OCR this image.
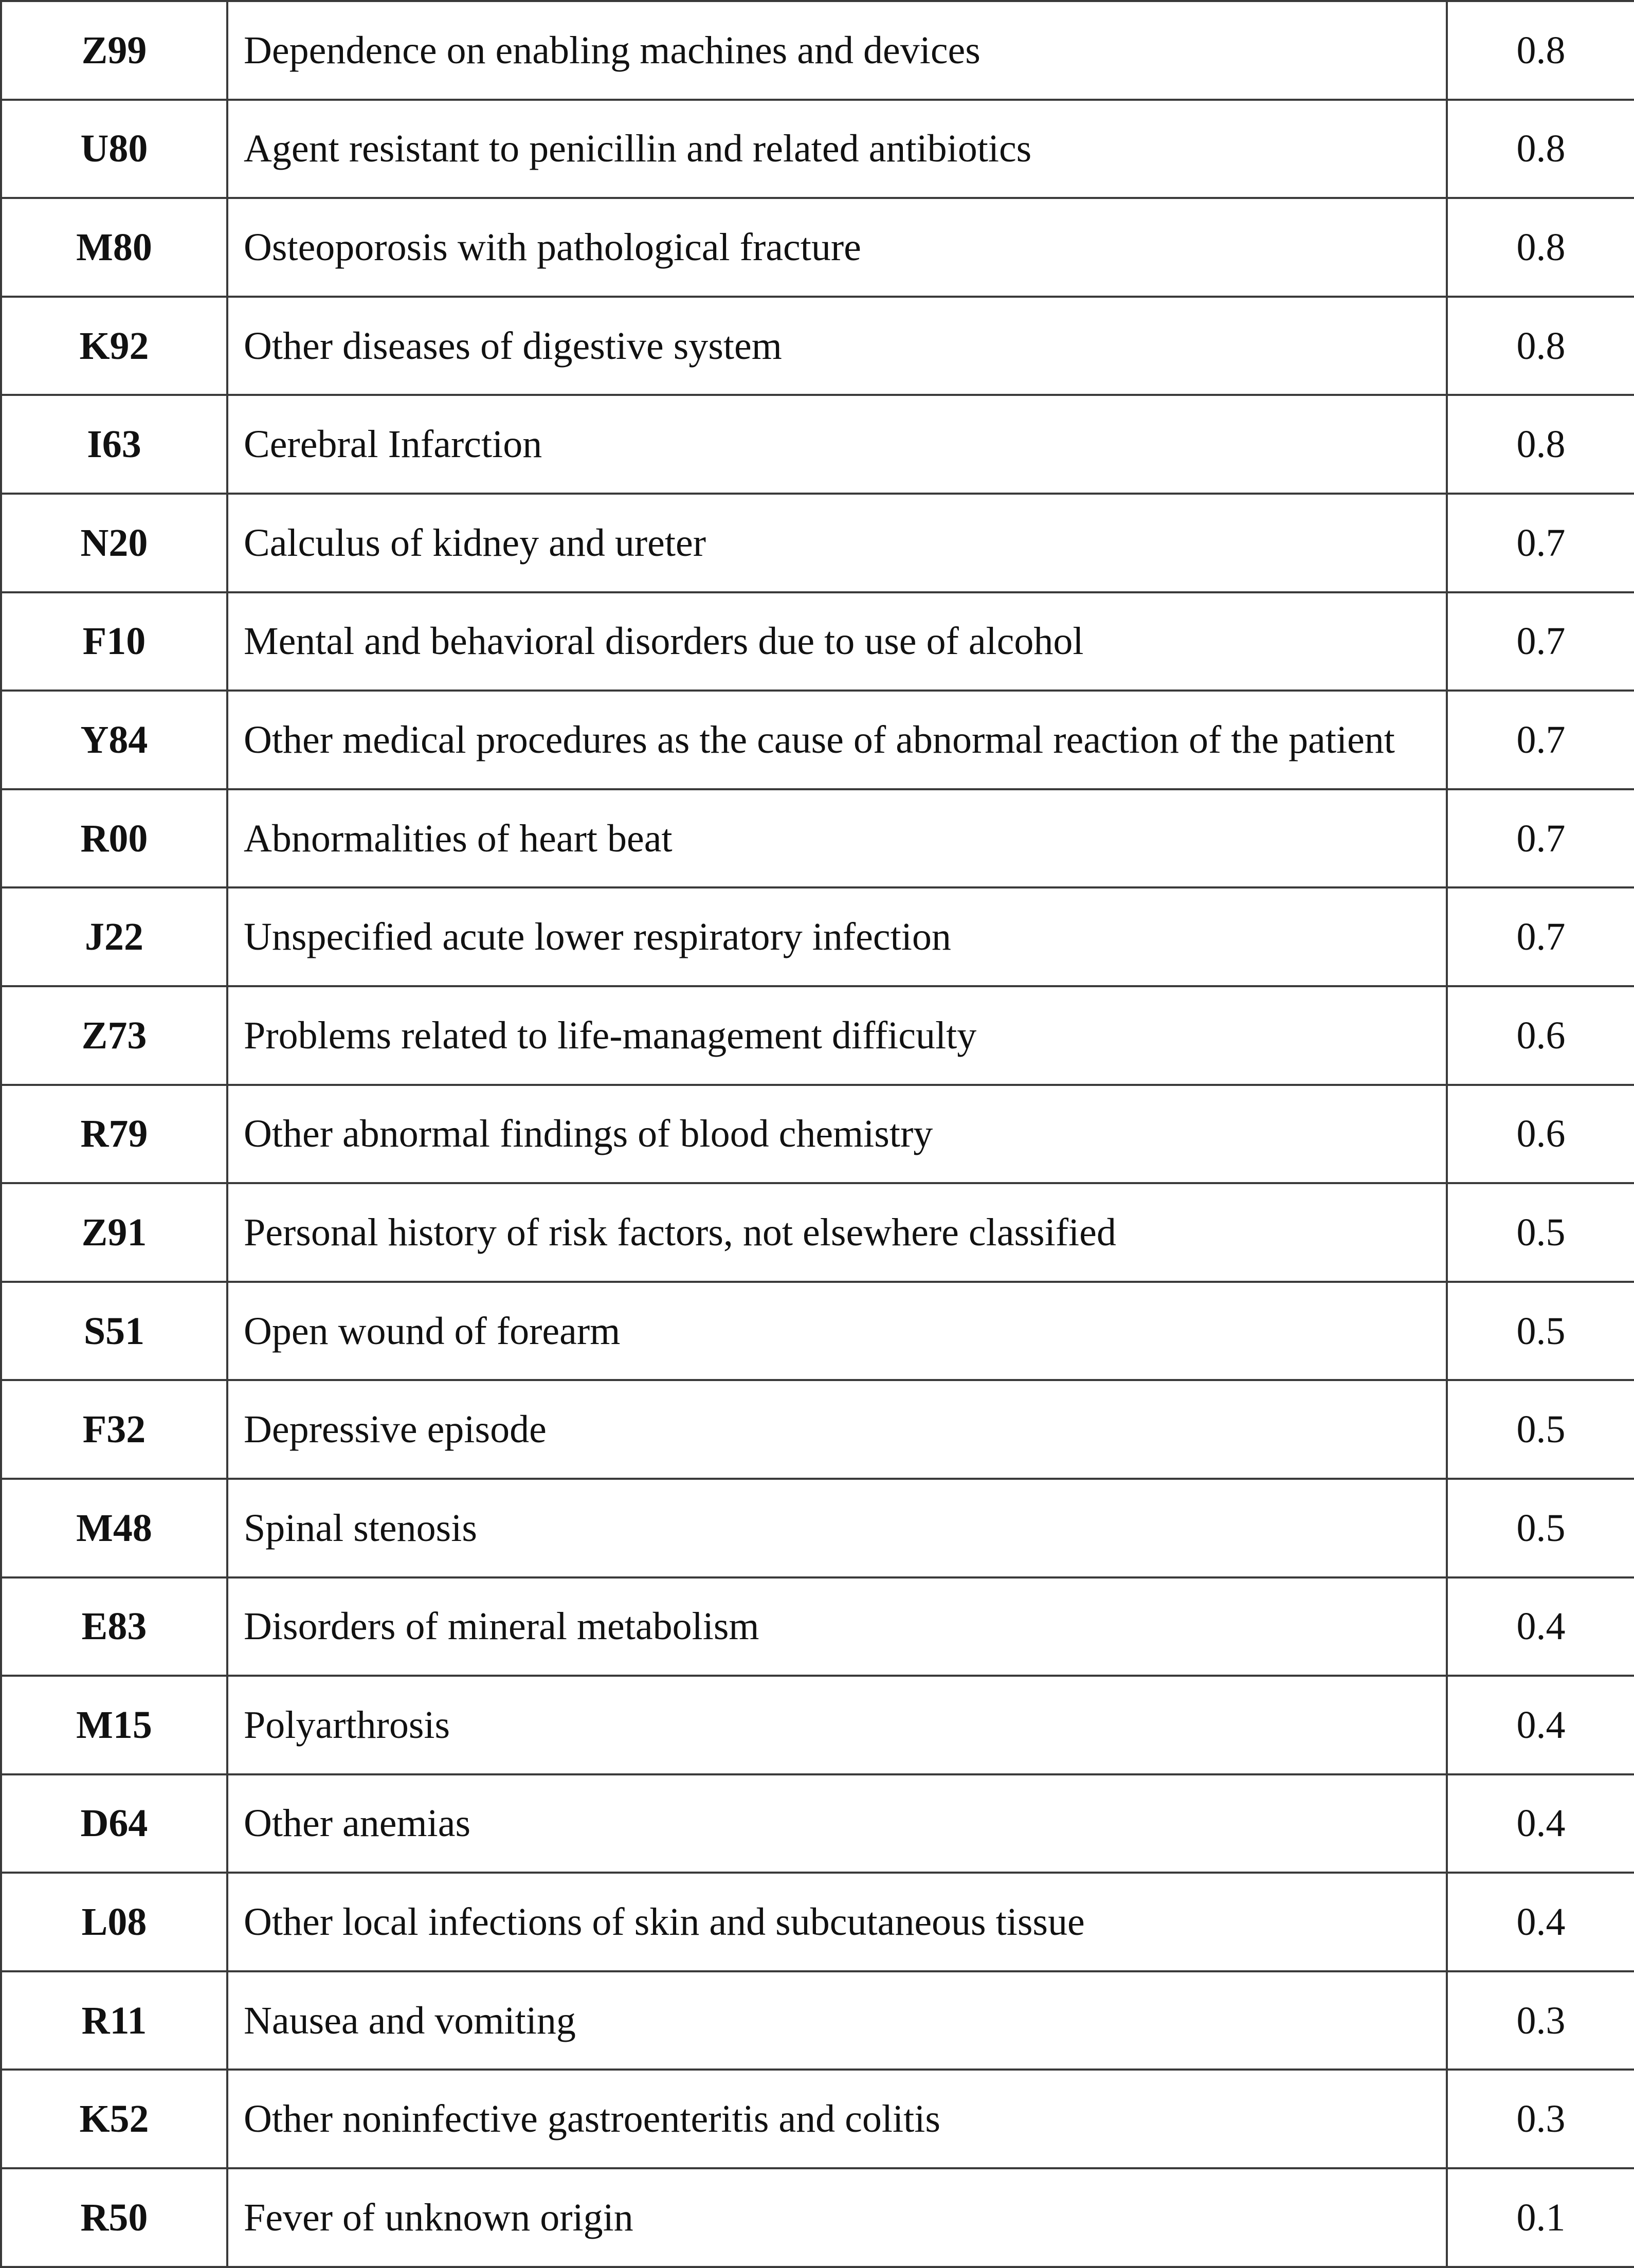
Z99	Dependence on enabling machines and devices	0.8
U80	Agent resistant to penicillin and related antibiotics	0.8
M80	Osteoporosis with pathological fracture	0.8
K92	Other diseases of digestive system	0.8
I63	Cerebral Infarction	0.8
N20	Calculus of kidney and ureter	0.7
F10	Mental and behavioral disorders due to use of alcohol	0.7
Y84	Other medical procedures as the cause of abnormal reaction of the patient	0.7
R00	Abnormalities of heart beat	0.7
J22	Unspecified acute lower respiratory infection	0.7
Z73	Problems related to life-management difficulty	0.6
R79	Other abnormal findings of blood chemistry	0.6
Z91	Personal history of risk factors, not elsewhere classified	0.5
S51	Open wound of forearm	0.5
F32	Depressive episode	0.5
M48	Spinal stenosis	0.5
E83	Disorders of mineral metabolism	0.4
M15	Polyarthrosis	0.4
D64	Other anemias	0.4
L08	Other local infections of skin and subcutaneous tissue	0.4
R11	Nausea and vomiting	0.3
K52	Other noninfective gastroenteritis and colitis	0.3
R50	Fever of unknown origin	0.1
